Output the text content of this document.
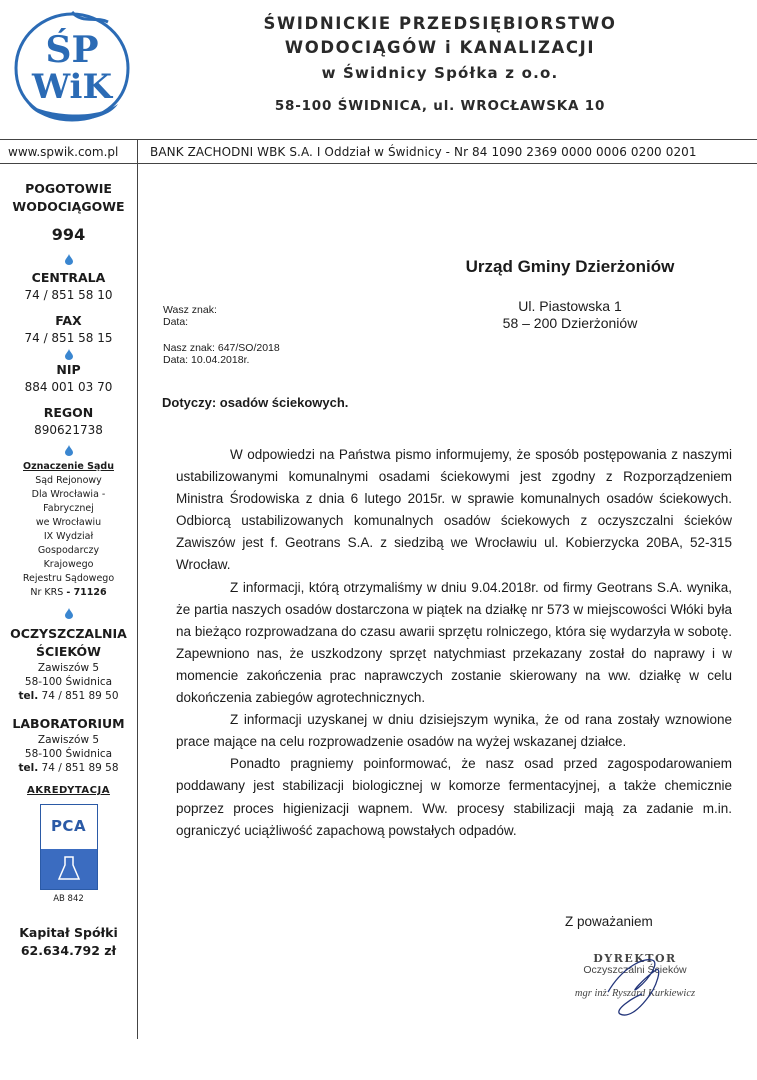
ŚP
WiK
ŚWIDNICKIE PRZEDSIĘBIORSTWO
WODOCIĄGÓW i KANALIZACJI
w Świdnicy Spółka z o.o.
58-100 ŚWIDNICA, ul. WROCŁAWSKA 10
www.spwik.com.pl	BANK ZACHODNI WBK S.A. I Oddział w Świdnicy - Nr 84 1090 2369 0000 0006 0200 0201
POGOTOWIE
WODOCIĄGOWE
994
CENTRALA
74 / 851 58 10
FAX
74 / 851 58 15
NIP
884 001 03 70
REGON
890621738
Oznaczenie Sądu
Sąd Rejonowy
Dla Wrocławia -
Fabrycznej
we Wrocławiu
IX Wydział
Gospodarczy
Krajowego
Rejestru Sądowego
Nr KRS - 71126
OCZYSZCZALNIA
ŚCIEKÓW
Zawiszów 5
58-100 Świdnica
tel. 74 / 851 89 50
LABORATORIUM
Zawiszów 5
58-100 Świdnica
tel. 74 / 851 89 58
AKREDYTACJA
PCA
AB 842
Kapitał Spółki
62.634.792 zł
Urząd Gminy Dzierżoniów
Ul. Piastowska 1
58 – 200 Dzierżoniów
Wasz znak:
Data:
Nasz znak: 647/SO/2018
Data: 10.04.2018r.
Dotyczy: osadów ściekowych.

W odpowiedzi na Państwa pismo informujemy, że sposób postępowania z naszymi ustabilizowanymi komunalnymi osadami ściekowymi jest zgodny z Rozporządzeniem Ministra Środowiska z dnia 6 lutego 2015r. w sprawie komunalnych osadów ściekowych. Odbiorcą ustabilizowanych komunalnych osadów ściekowych z oczyszczalni ścieków Zawiszów jest f. Geotrans S.A. z siedzibą we Wrocławiu ul. Kobierzycka 20BA, 52-315 Wrocław.

Z informacji, którą otrzymaliśmy w dniu 9.04.2018r. od firmy Geotrans S.A. wynika, że partia naszych osadów dostarczona w piątek na działkę nr 573 w miejscowości Włóki była na bieżąco rozprowadzana do czasu awarii sprzętu rolniczego, która się wydarzyła w sobotę. Zapewniono nas, że uszkodzony sprzęt natychmiast przekazany został do naprawy i w momencie zakończenia prac naprawczych zostanie skierowany na ww. działkę w celu dokończenia zabiegów agrotechnicznych.

Z informacji uzyskanej w dniu dzisiejszym wynika, że od rana zostały wznowione prace mające na celu rozprowadzenie osadów na wyżej wskazanej działce.

Ponadto pragniemy poinformować, że nasz osad przed zagospodarowaniem poddawany jest stabilizacji biologicznej w komorze fermentacyjnej, a także chemicznie poprzez proces higienizacji wapnem. Ww. procesy stabilizacji mają za zadanie m.in. ograniczyć uciążliwość zapachową powstałych odpadów.

Z poważaniem
DYREKTOR
Oczyszczalni Ścieków
mgr inż. Ryszard Kurkiewicz
